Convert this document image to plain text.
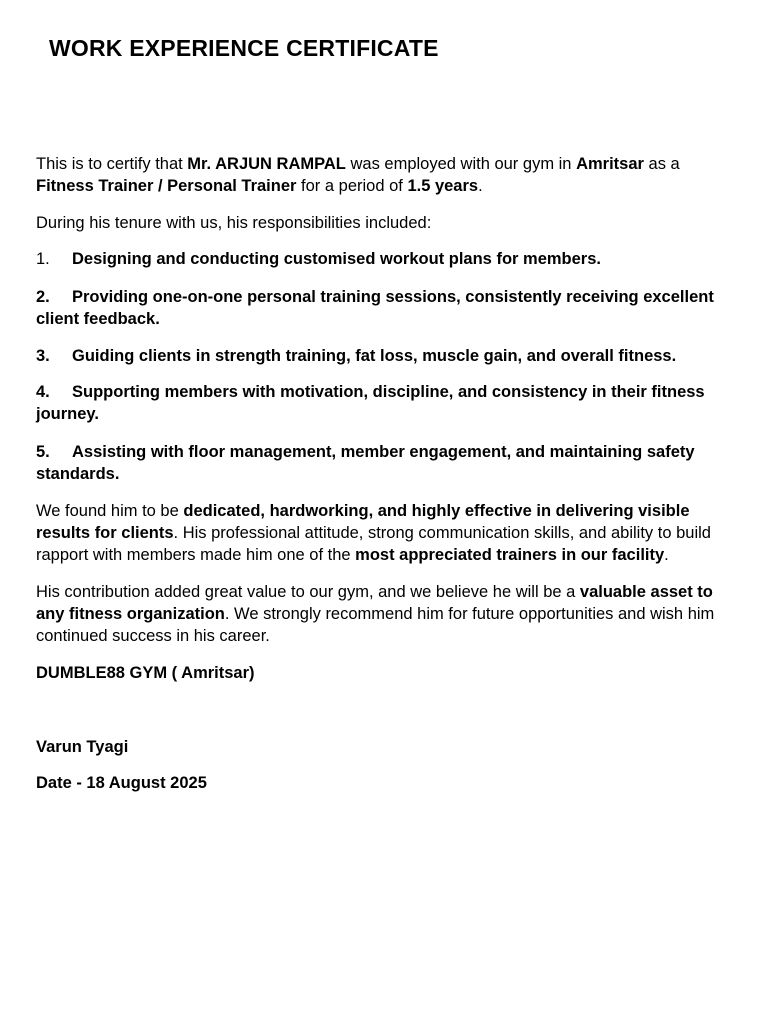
WORK EXPERIENCE CERTIFICATE

This is to certify that Mr. ARJUN RAMPAL was employed with our gym in Amritsar as a Fitness Trainer / Personal Trainer for a period of 1.5 years.

During his tenure with us, his responsibilities included:

1. Designing and conducting customised workout plans for members.

2. Providing one-on-one personal training sessions, consistently receiving excellent client feedback.

3. Guiding clients in strength training, fat loss, muscle gain, and overall fitness.

4. Supporting members with motivation, discipline, and consistency in their fitness journey.

5. Assisting with floor management, member engagement, and maintaining safety standards.

We found him to be dedicated, hardworking, and highly effective in delivering visible results for clients. His professional attitude, strong communication skills, and ability to build rapport with members made him one of the most appreciated trainers in our facility.

His contribution added great value to our gym, and we believe he will be a valuable asset to any fitness organization. We strongly recommend him for future opportunities and wish him continued success in his career.

DUMBLE88 GYM ( Amritsar)

Varun Tyagi

Date - 18 August 2025
